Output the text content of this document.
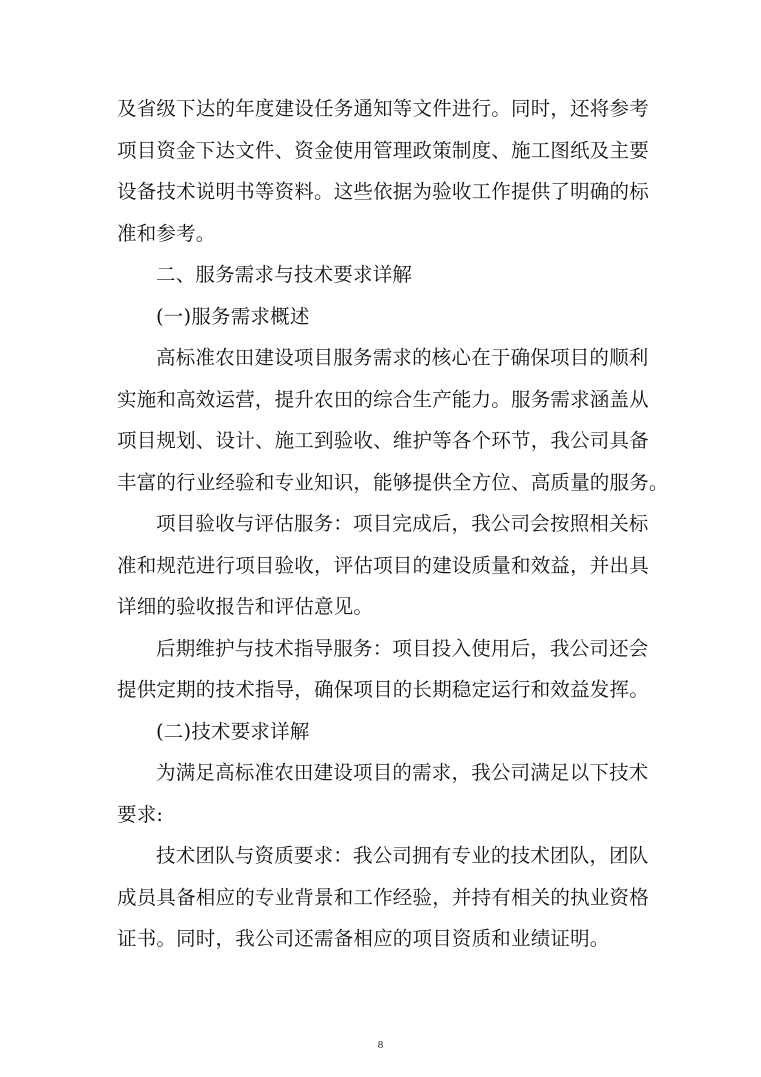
及省级下达的年度建设任务通知等文件进行。同时，还将参考
项目资金下达文件、资金使用管理政策制度、施工图纸及主要
设备技术说明书等资料。这些依据为验收工作提供了明确的标
准和参考。
二、服务需求与技术要求详解
(一)服务需求概述
高标准农田建设项目服务需求的核心在于确保项目的顺利
实施和高效运营，提升农田的综合生产能力。服务需求涵盖从
项目规划、设计、施工到验收、维护等各个环节，我公司具备
丰富的行业经验和专业知识，能够提供全方位、高质量的服务。
项目验收与评估服务：项目完成后，我公司会按照相关标
准和规范进行项目验收，评估项目的建设质量和效益，并出具
详细的验收报告和评估意见。
后期维护与技术指导服务：项目投入使用后，我公司还会
提供定期的技术指导，确保项目的长期稳定运行和效益发挥。
(二)技术要求详解
为满足高标准农田建设项目的需求，我公司满足以下技术
要求:
技术团队与资质要求：我公司拥有专业的技术团队，团队
成员具备相应的专业背景和工作经验，并持有相关的执业资格
证书。同时，我公司还需备相应的项目资质和业绩证明。
8
